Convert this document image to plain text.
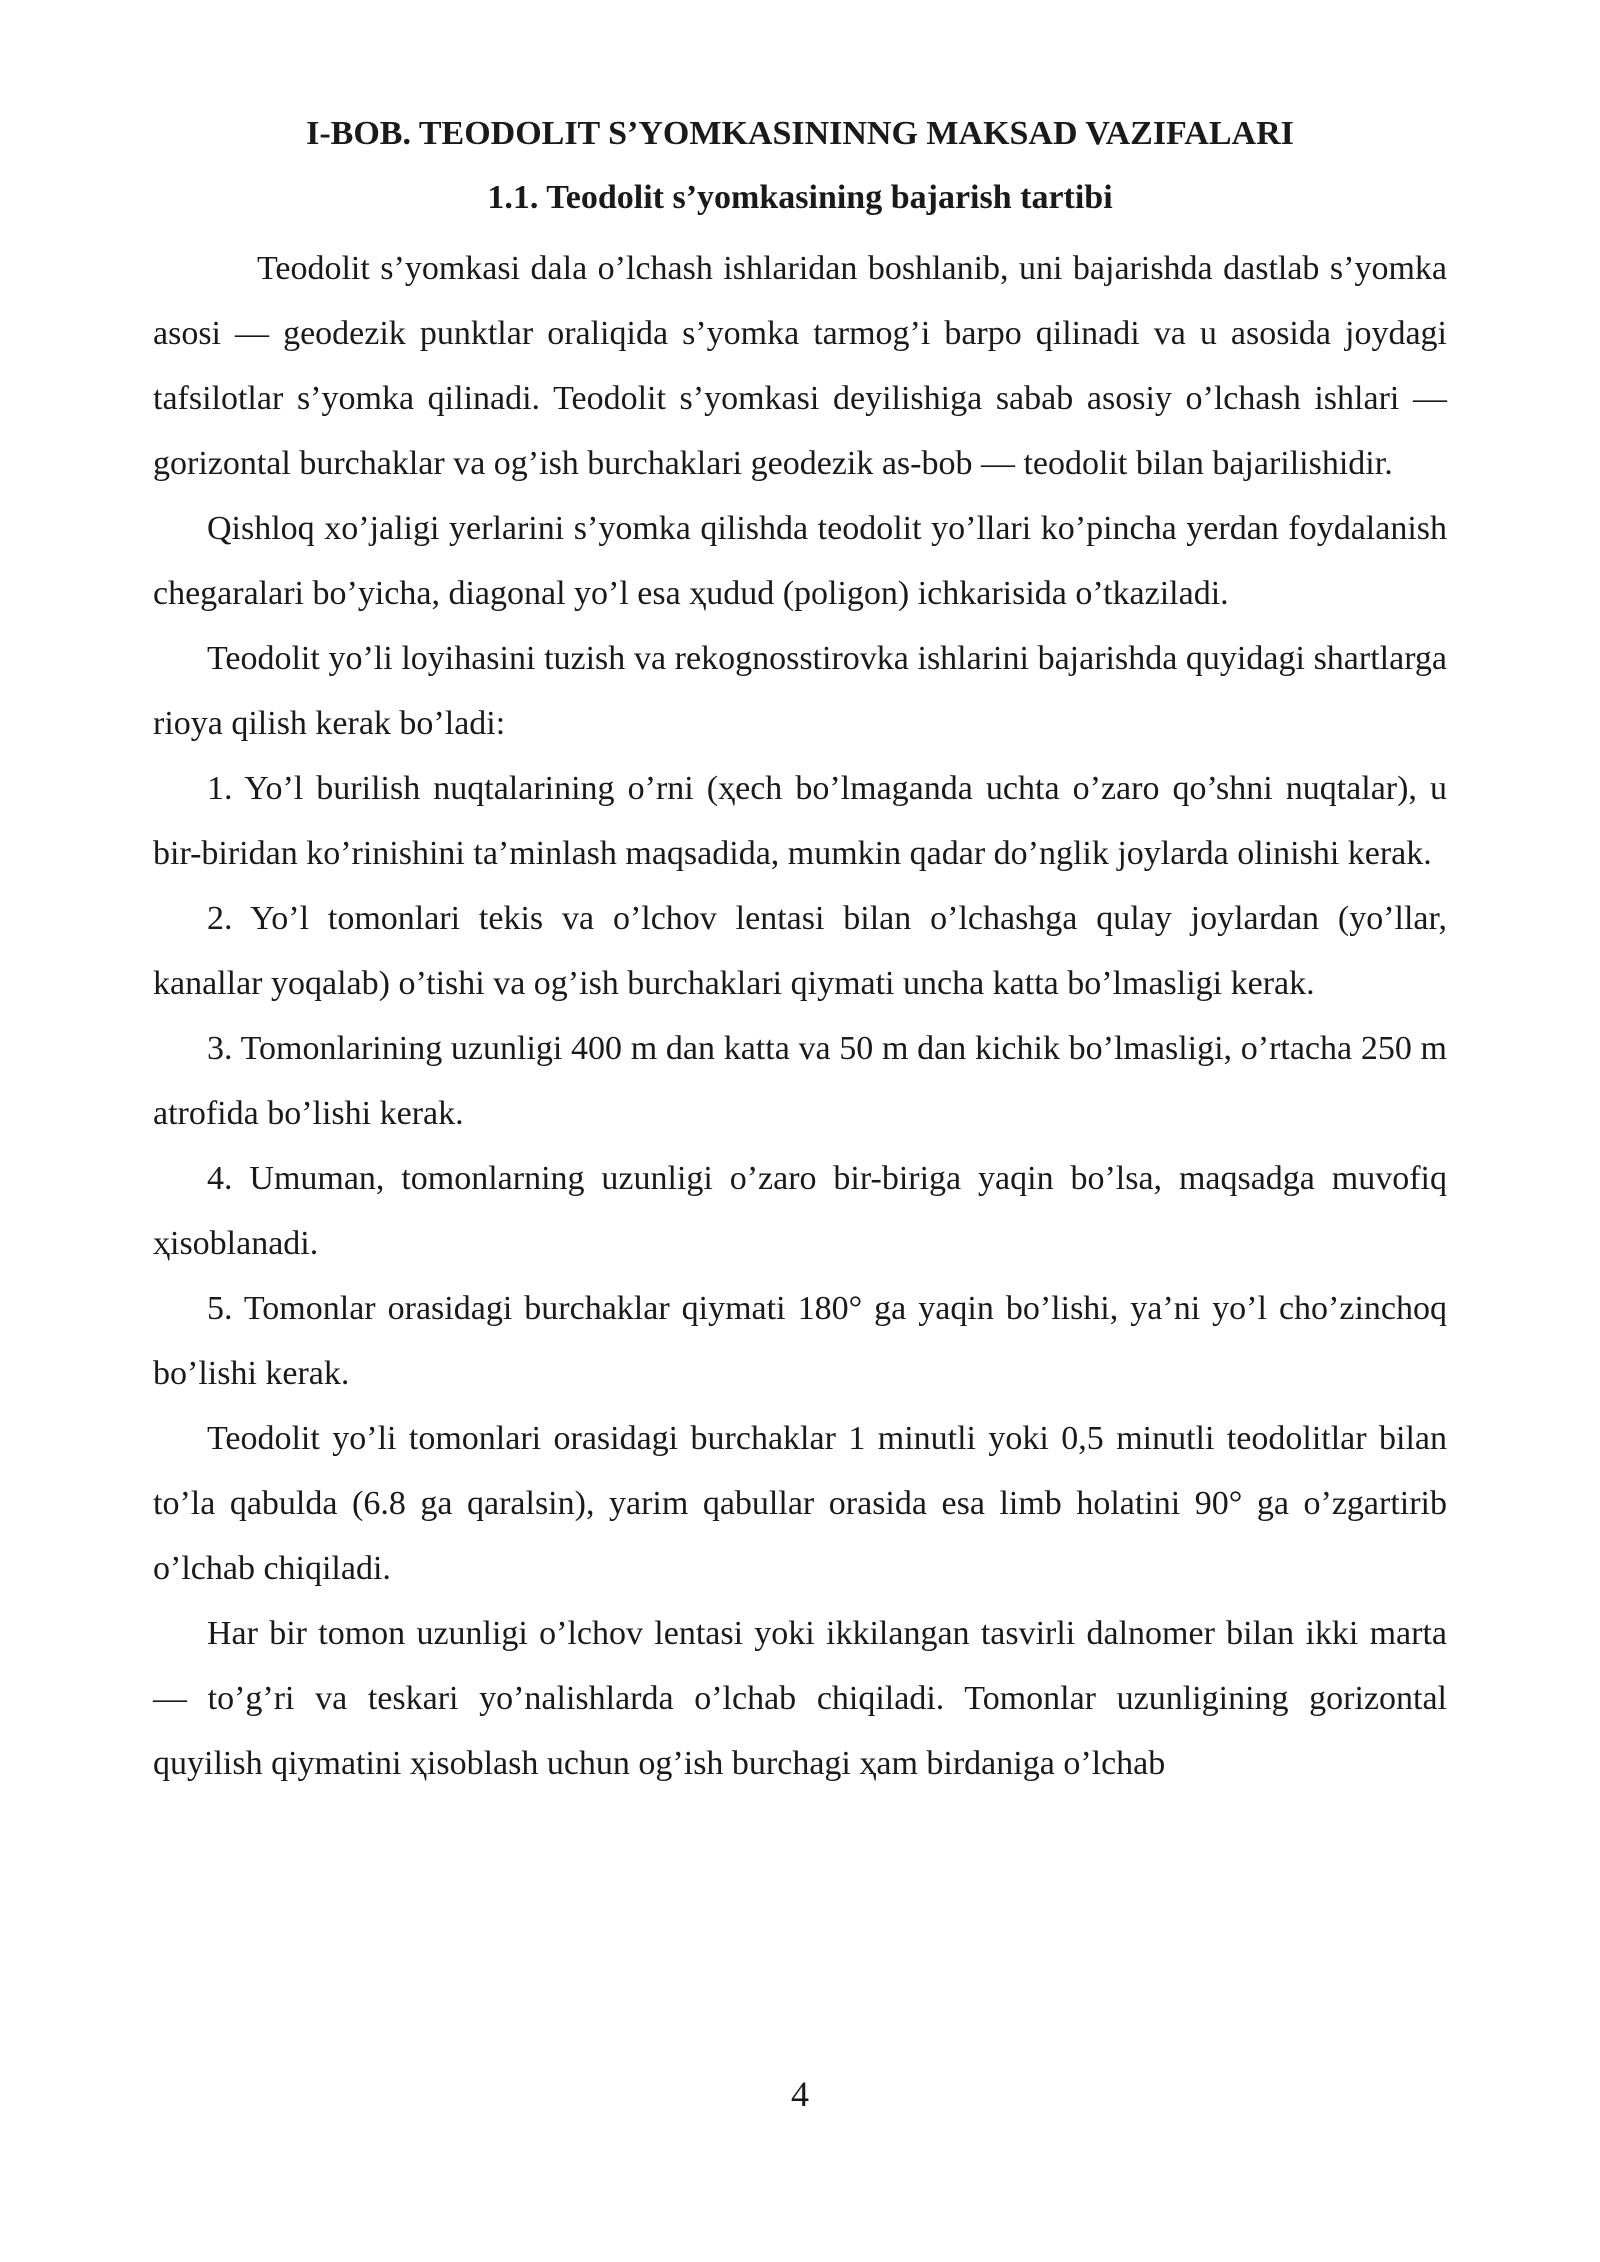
I-BOB. TEODOLIT S’YOMKASININNG MAKSAD VAZIFALARI
1.1. Teodolit s’yomkasining bajarish tartibi

Teodolit s’yomkasi dala o’lchash ishlaridan boshlanib, uni bajarishda dastlab s’yomka asosi — geodezik punktlar oraliqida s’yomka tarmog’i barpo qilinadi va u asosida joydagi tafsilotlar s’yomka qilinadi. Teodolit s’yomkasi deyilishiga sabab asosiy o’lchash ishlari — gorizontal burchaklar va og’ish burchaklari geodezik as-bob — teodolit bilan bajarilishidir.

Qishloq xo’jaligi yerlarini s’yomka qilishda teodolit yo’llari ko’pincha yerdan foydalanish chegaralari bo’yicha, diagonal yo’l esa ҳudud (poligon) ichkarisida o’tkaziladi.

Teodolit yo’li loyihasini tuzish va rekognosstirovka ishlarini bajarishda quyidagi shartlarga rioya qilish kerak bo’ladi:

1. Yo’l burilish nuqtalarining o’rni (ҳech bo’lmaganda uchta o’zaro qo’shni nuqtalar), u bir-biridan ko’rinishini ta’minlash maqsadida, mumkin qadar do’nglik joylarda olinishi kerak.

2. Yo’l tomonlari tekis va o’lchov lentasi bilan o’lchashga qulay joylardan (yo’llar, kanallar yoqalab) o’tishi va og’ish burchaklari qiymati uncha katta bo’lmasligi kerak.

3. Tomonlarining uzunligi 400 m dan katta va 50 m dan kichik bo’lmasligi, o’rtacha 250 m atrofida bo’lishi kerak.

4. Umuman, tomonlarning uzunligi o’zaro bir-biriga yaqin bo’lsa, maqsadga muvofiq ҳisoblanadi.

5. Tomonlar orasidagi burchaklar qiymati 180° ga yaqin bo’lishi, ya’ni yo’l cho’zinchoq bo’lishi kerak.

Teodolit yo’li tomonlari orasidagi burchaklar 1 minutli yoki 0,5 minutli teodolitlar bilan to’la qabulda (6.8 ga qaralsin), yarim qabullar orasida esa limb holatini 90° ga o’zgartirib o’lchab chiqiladi.

Har bir tomon uzunligi o’lchov lentasi yoki ikkilangan tasvirli dalnomer bilan ikki marta — to’g’ri va teskari yo’nalishlarda o’lchab chiqiladi. Tomonlar uzunligining gorizontal quyilish qiymatini ҳisoblash uchun og’ish burchagi ҳam birdaniga o’lchab

4
